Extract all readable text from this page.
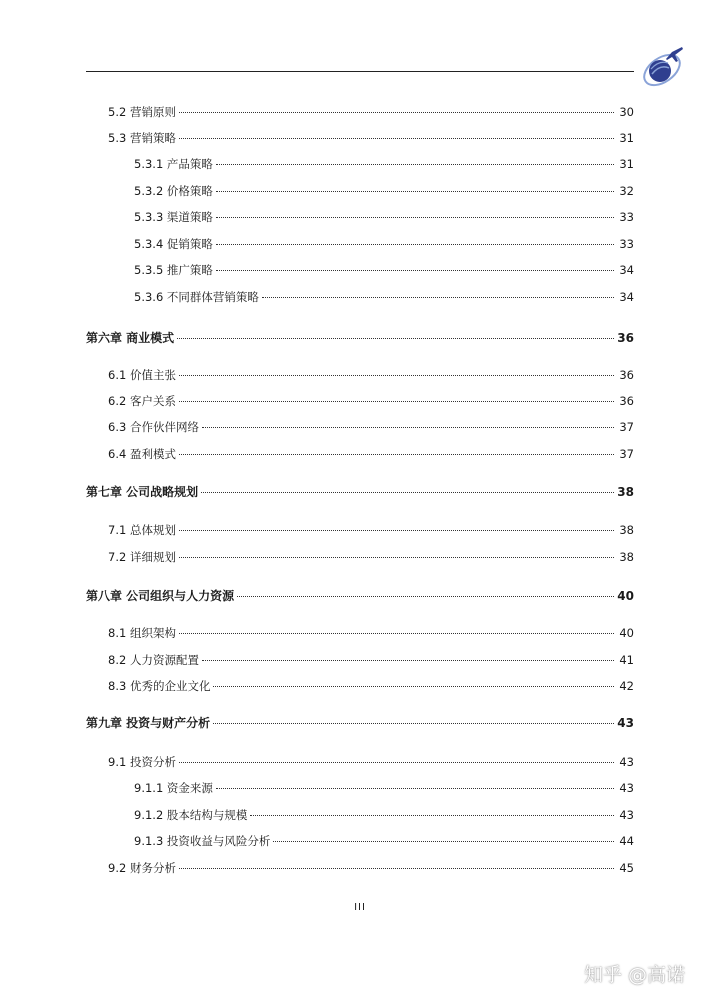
5.2 营销原则	30
5.3 营销策略	31
5.3.1 产品策略	31
5.3.2 价格策略	32
5.3.3 渠道策略	33
5.3.4 促销策略	33
5.3.5 推广策略	34
5.3.6 不同群体营销策略	34
第六章 商业模式	36
6.1 价值主张	36
6.2 客户关系	36
6.3 合作伙伴网络	37
6.4 盈利模式	37
第七章 公司战略规划	38
7.1 总体规划	38
7.2 详细规划	38
第八章 公司组织与人力资源	40
8.1 组织架构	40
8.2 人力资源配置	41
8.3 优秀的企业文化	42
第九章 投资与财产分析	43
9.1 投资分析	43
9.1.1 资金来源	43
9.1.2 股本结构与规模	43
9.1.3 投资收益与风险分析	44
9.2 财务分析	45
III
知乎 @高诺
